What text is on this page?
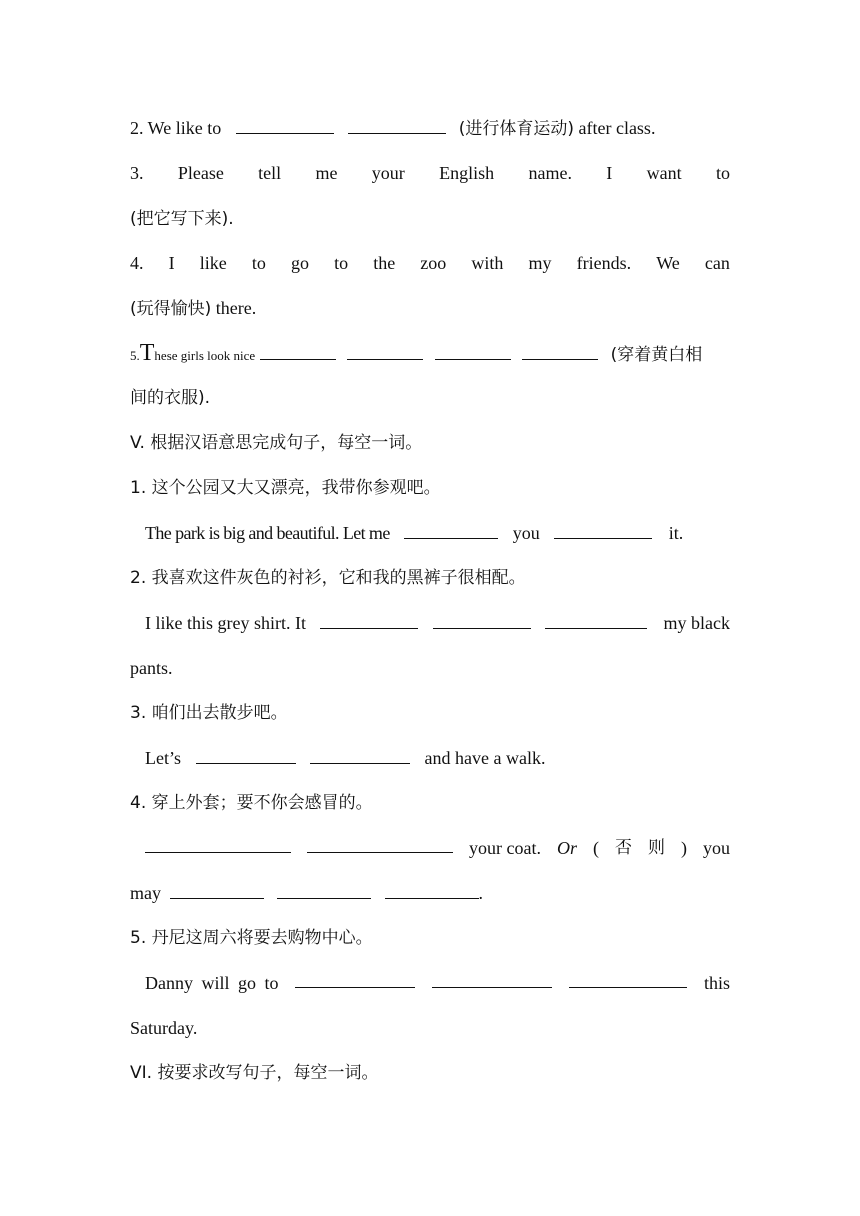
2. We like to	(进行体育运动) after class.
3. Please tell me your English name. I want to
(把它写下来).
4. I like to go to the zoo with my friends. We can
(玩得愉快) there.
5.These girls look nice	(穿着黄白相
间的衣服).
V. 根据汉语意思完成句子，每空一词。
1. 这个公园又大又漂亮，我带你参观吧。
The park is big and beautiful. Let me	you	it.
2. 我喜欢这件灰色的衬衫，它和我的黑裤子很相配。
I like this grey shirt. It	my black
pants.
3. 咱们出去散步吧。
Let’s	and have a walk.
4. 穿上外套；要不你会感冒的。
your coat. Or ( 否 则 ) you
may	.
5. 丹尼这周六将要去购物中心。
Danny will go to	this
Saturday.
VI. 按要求改写句子，每空一词。
